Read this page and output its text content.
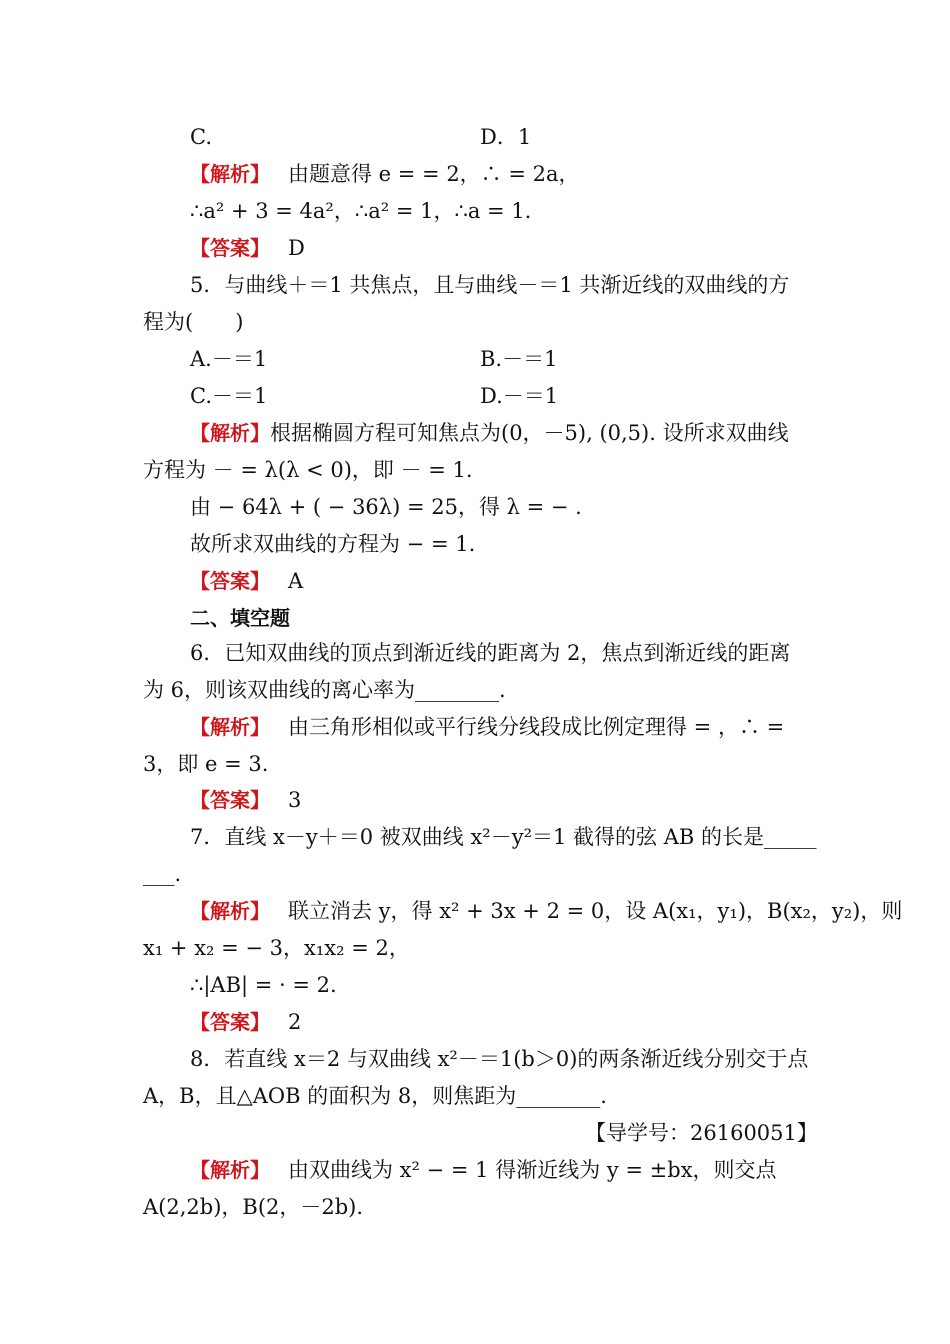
C.	D．1
【解析】 由题意得 e = = 2，∴ = 2a，
∴a² + 3 = 4a²，∴a² = 1，∴a = 1.
【答案】 D
5．与曲线＋＝1 共焦点，且与曲线－＝1 共渐近线的双曲线的方
程为(　　)
A.－＝1	B.－＝1
C.－＝1	D.－＝1
【解析】根据椭圆方程可知焦点为(0，－5), (0,5). 设所求双曲线
方程为 － = λ(λ < 0)，即 － = 1.
由 − 64λ + ( − 36λ) = 25，得 λ = − .
故所求双曲线的方程为 − = 1.
【答案】 A
二、填空题
6．已知双曲线的顶点到渐近线的距离为 2，焦点到渐近线的距离
为 6，则该双曲线的离心率为________.
【解析】 由三角形相似或平行线分线段成比例定理得 = ，∴ =
3，即 e = 3.
【答案】 3
7．直线 x－y＋＝0 被双曲线 x²－y²＝1 截得的弦 AB 的长是_____
___.
【解析】 联立消去 y，得 x² + 3x + 2 = 0，设 A(x₁，y₁)，B(x₂，y₂)，则
x₁ + x₂ = − 3，x₁x₂ = 2，
∴|AB| = · = 2.
【答案】 2
8．若直线 x＝2 与双曲线 x²－＝1(b＞0)的两条渐近线分别交于点
A，B，且△AOB 的面积为 8，则焦距为________.
【导学号：26160051】
【解析】 由双曲线为 x² − = 1 得渐近线为 y = ±bx，则交点
A(2,2b)，B(2，－2b).
